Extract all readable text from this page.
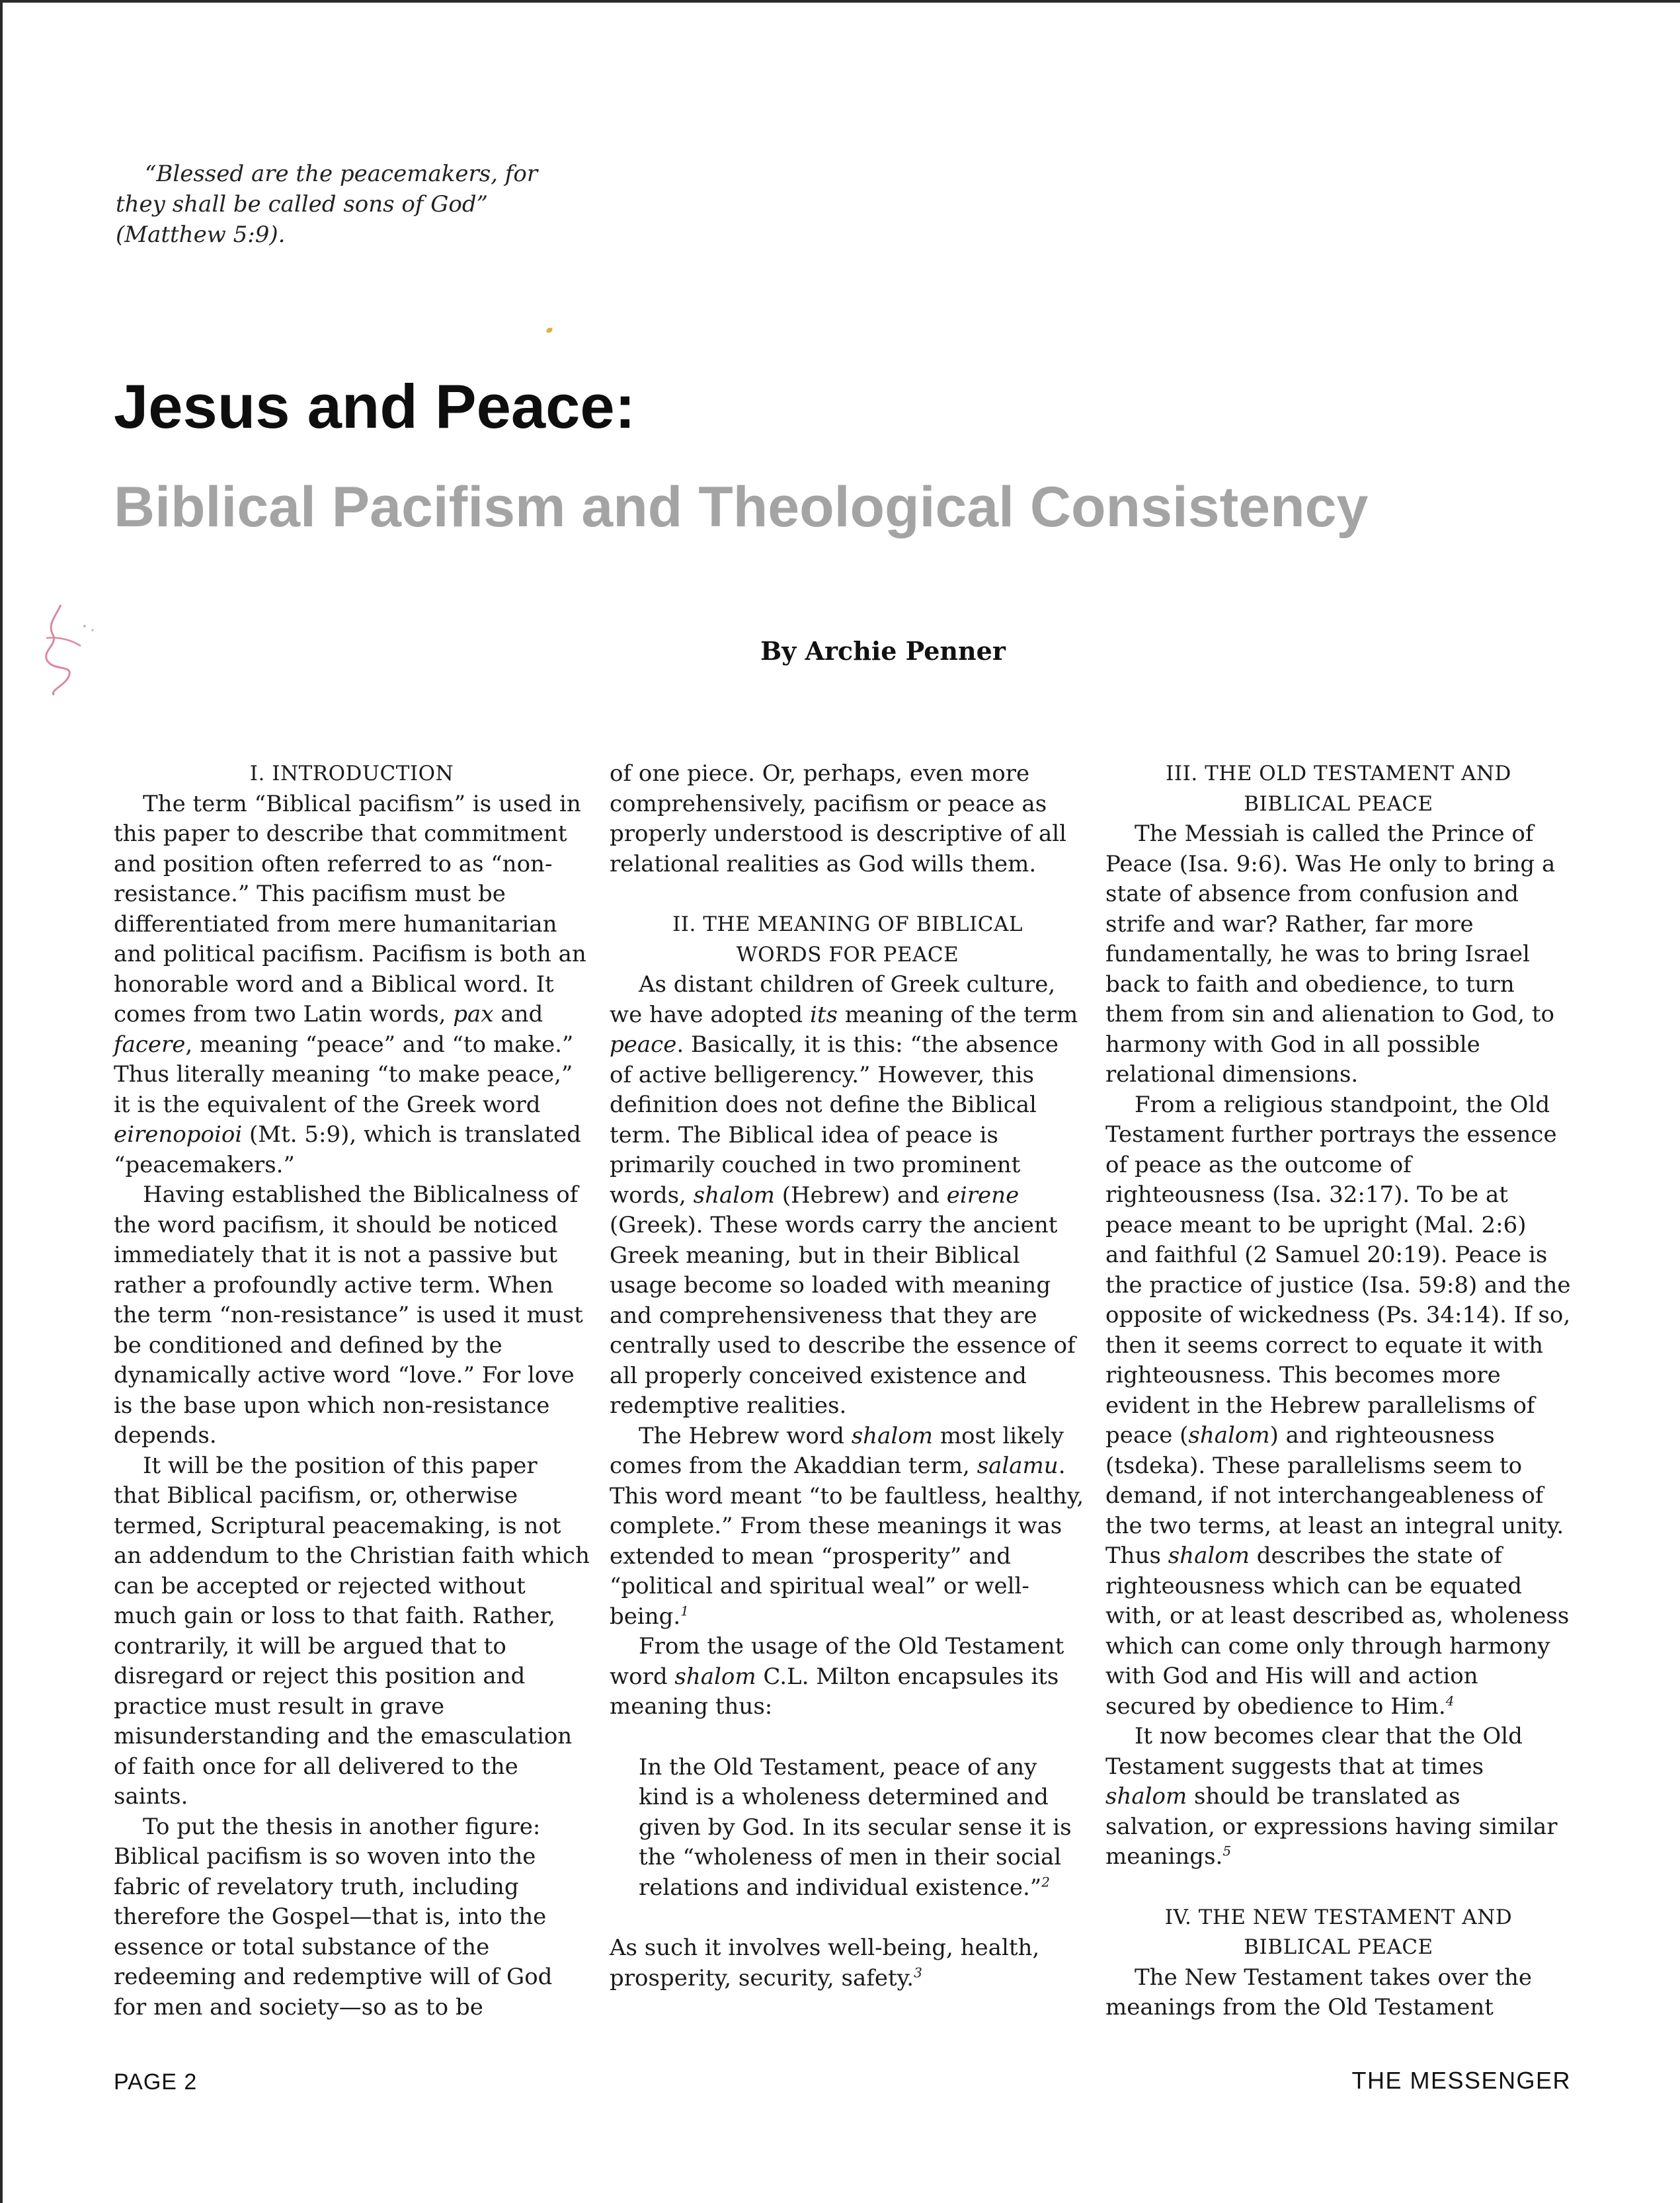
“Blessed are the peacemakers, for they shall be called sons of God” (Matthew 5:9).

Jesus and Peace:
Biblical Pacifism and Theological Consistency
By Archie Penner

I. INTRODUCTION

The term “Biblical pacifism” is used in this paper to describe that commitment and position often referred to as “non-resistance.” This pacifism must be differentiated from mere humanitarian and political pacifism. Pacifism is both an honorable word and a Biblical word. It comes from two Latin words, pax and facere, meaning “peace” and “to make.” Thus literally meaning “to make peace,” it is the equivalent of the Greek word eirenopoioi (Mt. 5:9), which is translated “peacemakers.”

Having established the Biblicalness of the word pacifism, it should be noticed immediately that it is not a passive but rather a profoundly active term. When the term “non-resistance” is used it must be conditioned and defined by the dynamically active word “love.” For love is the base upon which non-resistance depends.

It will be the position of this paper that Biblical pacifism, or, otherwise termed, Scriptural peacemaking, is not an addendum to the Christian faith which can be accepted or rejected without much gain or loss to that faith. Rather, contrarily, it will be argued that to disregard or reject this position and practice must result in grave misunderstanding and the emasculation of faith once for all delivered to the saints.

To put the thesis in another figure: Biblical pacifism is so woven into the fabric of revelatory truth, including therefore the Gospel—that is, into the essence or total substance of the redeeming and redemptive will of God for men and society—so as to be

of one piece. Or, perhaps, even more comprehensively, pacifism or peace as properly understood is descriptive of all relational realities as God wills them.

II. THE MEANING OF BIBLICAL

WORDS FOR PEACE

As distant children of Greek culture, we have adopted its meaning of the term peace. Basically, it is this: “the absence of active belligerency.” However, this definition does not define the Biblical term. The Biblical idea of peace is primarily couched in two prominent words, shalom (Hebrew) and eirene (Greek). These words carry the ancient Greek meaning, but in their Biblical usage become so loaded with meaning and comprehensiveness that they are centrally used to describe the essence of all properly conceived existence and redemptive realities.

The Hebrew word shalom most likely comes from the Akaddian term, salamu. This word meant “to be faultless, healthy, complete.” From these meanings it was extended to mean “prosperity” and “political and spiritual weal” or well-being.$^1$

From the usage of the Old Testament word shalom C.L. Milton encapsules its meaning thus:

In the Old Testament, peace of any kind is a wholeness determined and given by God. In its secular sense it is the “wholeness of men in their social relations and individual existence.”$^2$

As such it involves well-being, health, prosperity, security, safety.$^3$

III. THE OLD TESTAMENT AND

BIBLICAL PEACE

The Messiah is called the Prince of Peace (Isa. 9:6). Was He only to bring a state of absence from confusion and strife and war? Rather, far more fundamentally, he was to bring Israel back to faith and obedience, to turn them from sin and alienation to God, to harmony with God in all possible relational dimensions.

From a religious standpoint, the Old Testament further portrays the essence of peace as the outcome of righteousness (Isa. 32:17). To be at peace meant to be upright (Mal. 2:6) and faithful (2 Samuel 20:19). Peace is the practice of justice (Isa. 59:8) and the opposite of wickedness (Ps. 34:14). If so, then it seems correct to equate it with righteousness. This becomes more evident in the Hebrew parallelisms of peace (shalom) and righteousness (tsdeka). These parallelisms seem to demand, if not interchangeableness of the two terms, at least an integral unity. Thus shalom describes the state of righteousness which can be equated with, or at least described as, wholeness which can come only through harmony with God and His will and action secured by obedience to Him.$^4$

It now becomes clear that the Old Testament suggests that at times shalom should be translated as salvation, or expressions having similar meanings.$^5$

IV. THE NEW TESTAMENT AND

BIBLICAL PEACE

The New Testament takes over the meanings from the Old Testament

PAGE 2	THE MESSENGER
